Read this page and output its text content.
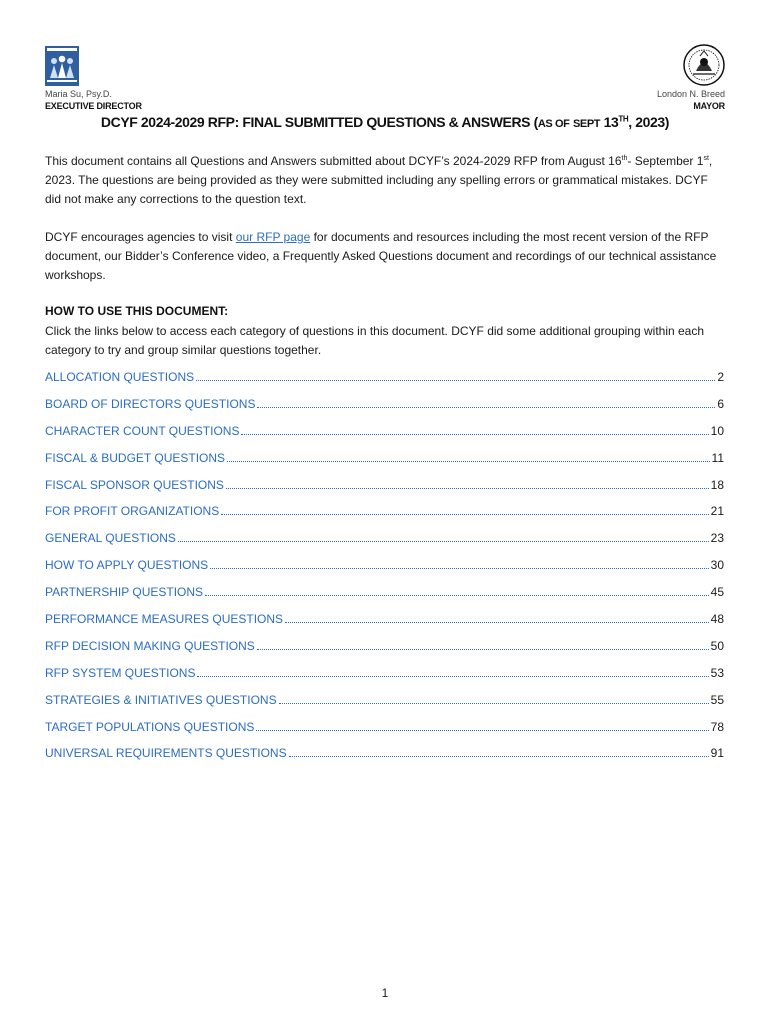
Maria Su, Psy.D.
EXECUTIVE DIRECTOR
London N. Breed
MAYOR
DCYF 2024-2029 RFP: FINAL SUBMITTED QUESTIONS & ANSWERS (AS OF SEPT 13TH, 2023)
This document contains all Questions and Answers submitted about DCYF’s 2024-2029 RFP from August 16th- September 1st, 2023. The questions are being provided as they were submitted including any spelling errors or grammatical mistakes. DCYF did not make any corrections to the question text.
DCYF encourages agencies to visit our RFP page for documents and resources including the most recent version of the RFP document, our Bidder’s Conference video, a Frequently Asked Questions document and recordings of our technical assistance workshops.
HOW TO USE THIS DOCUMENT:
Click the links below to access each category of questions in this document. DCYF did some additional grouping within each category to try and group similar questions together.
ALLOCATION QUESTIONS	2
BOARD OF DIRECTORS QUESTIONS	6
CHARACTER COUNT QUESTIONS	10
FISCAL & BUDGET QUESTIONS	11
FISCAL SPONSOR QUESTIONS	18
FOR PROFIT ORGANIZATIONS	21
GENERAL QUESTIONS	23
HOW TO APPLY QUESTIONS	30
PARTNERSHIP QUESTIONS	45
PERFORMANCE MEASURES QUESTIONS	48
RFP DECISION MAKING QUESTIONS	50
RFP SYSTEM QUESTIONS	53
STRATEGIES & INITIATIVES QUESTIONS	55
TARGET POPULATIONS QUESTIONS	78
UNIVERSAL REQUIREMENTS QUESTIONS	91
1
